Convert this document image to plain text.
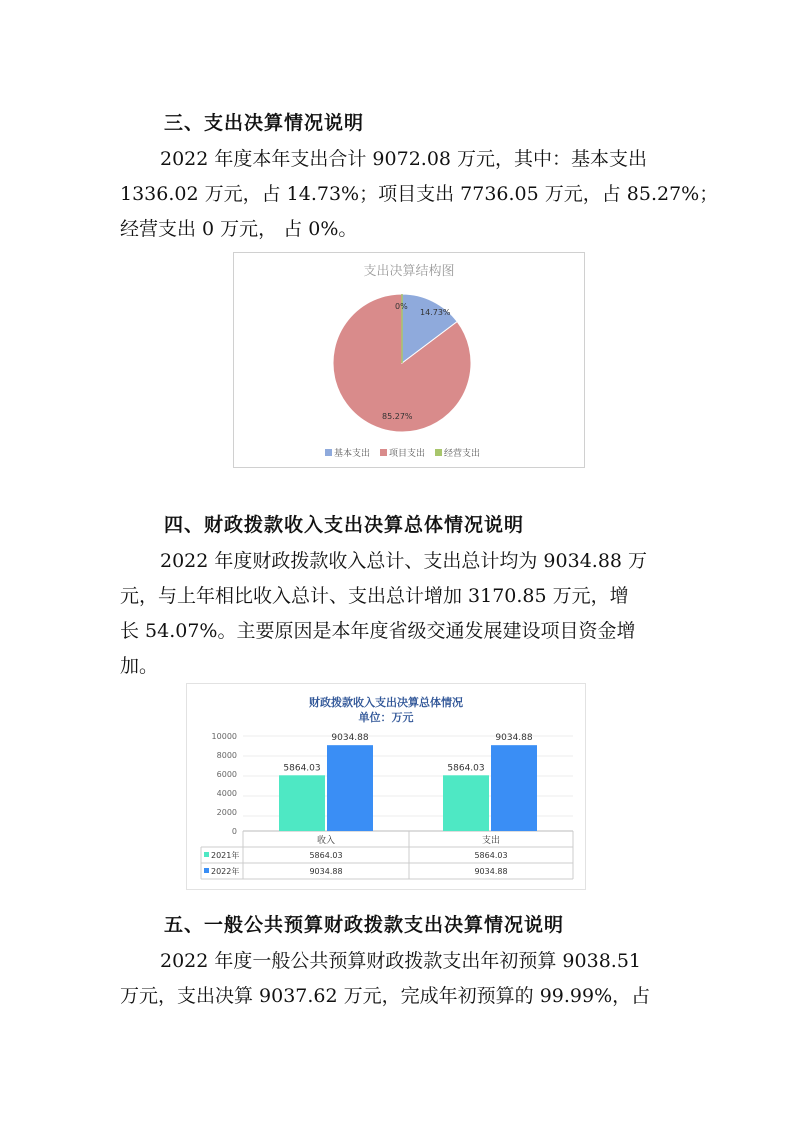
三、支出决算情况说明
2022 年度本年支出合计 9072.08 万元，其中：基本支出
1336.02 万元，占 14.73%；项目支出 7736.05 万元，占 85.27%；
经营支出 0 万元， 占 0%。
支出决算结构图
14.73%
85.27%
0%
基本支出 项目支出 经营支出
四、财政拨款收入支出决算总体情况说明
2022 年度财政拨款收入总计、支出总计均为 9034.88 万
元，与上年相比收入总计、支出总计增加 3170.85 万元，增
长 54.07%。主要原因是本年度省级交通发展建设项目资金增
加。
财政拨款收入支出决算总体情况
单位：万元
10000
8000
6000
4000
2000
0
5864.03
9034.88
5864.03
9034.88
收入	支出
2021年	5864.03	5864.03
2022年	9034.88	9034.88
五、一般公共预算财政拨款支出决算情况说明
2022 年度一般公共预算财政拨款支出年初预算 9038.51
万元，支出决算 9037.62 万元，完成年初预算的 99.99%，占
